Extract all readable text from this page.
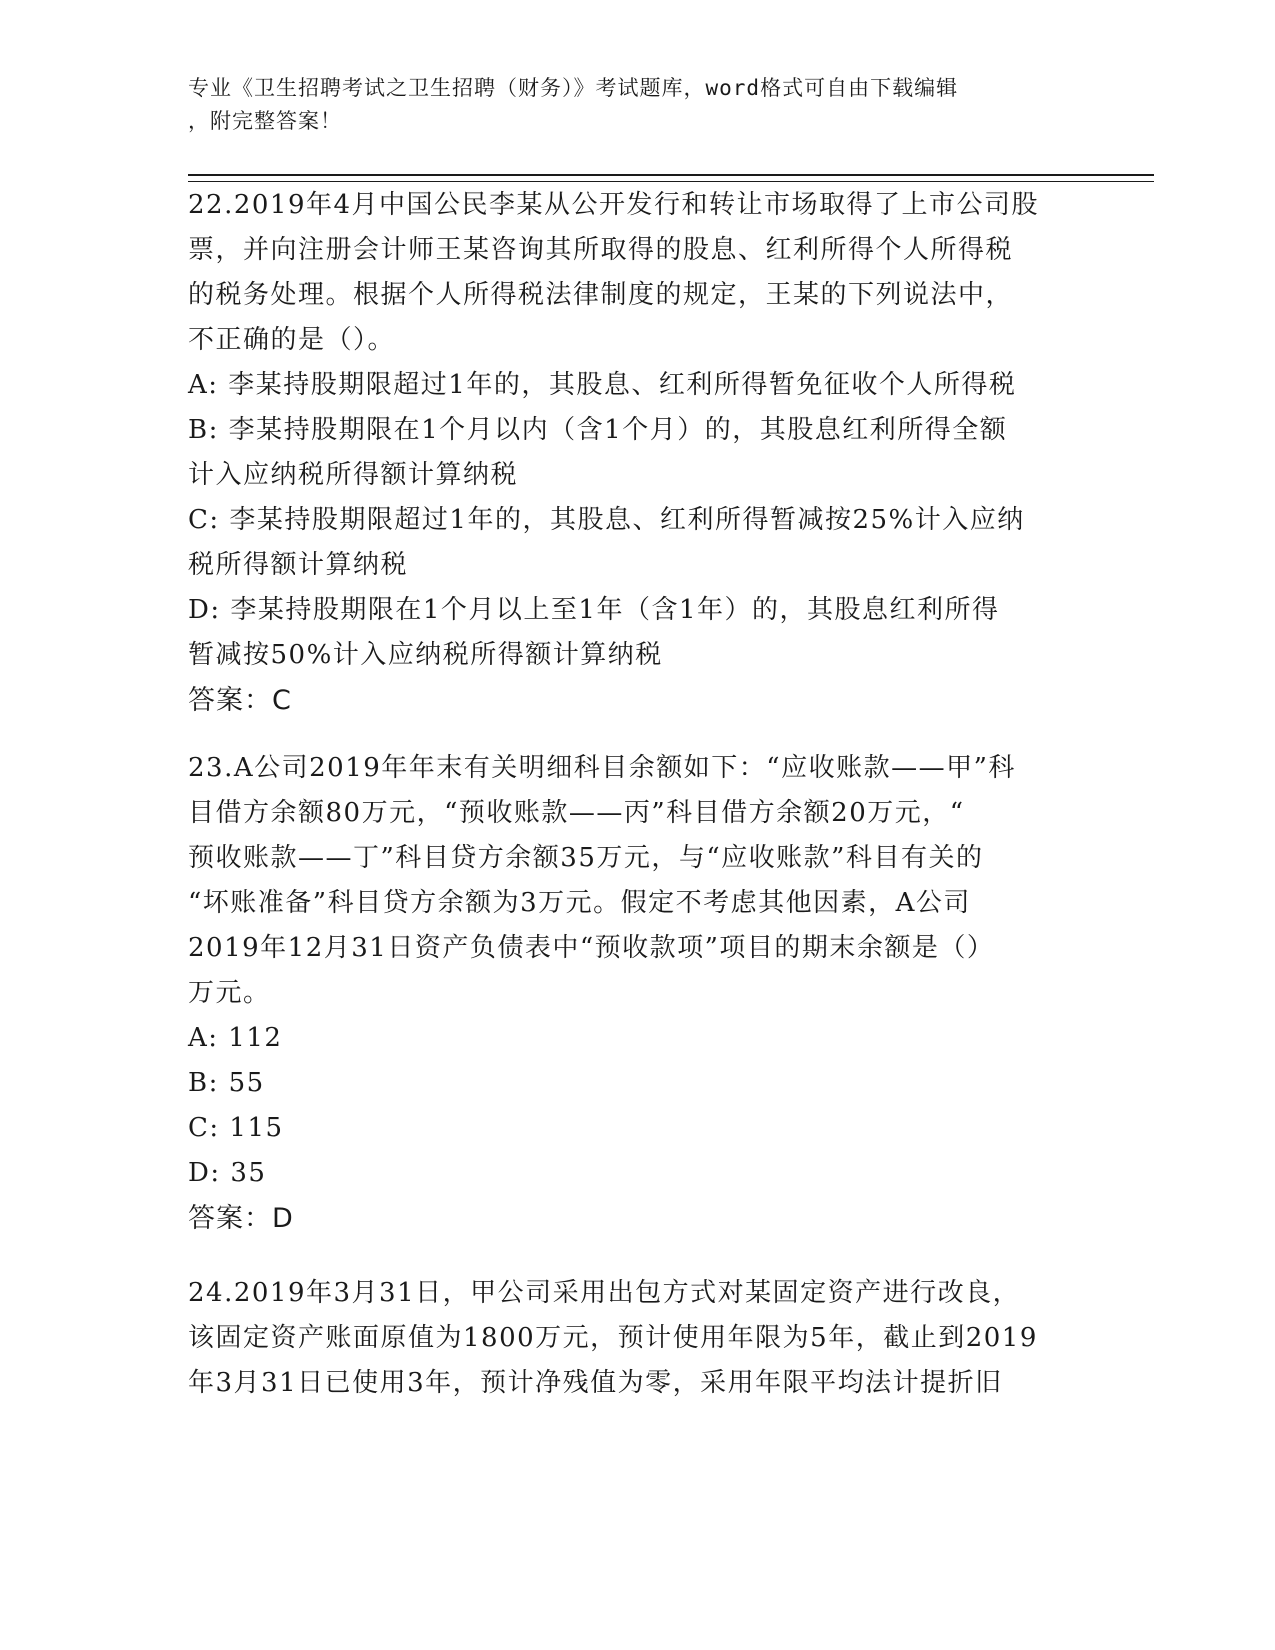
专业《卫生招聘考试之卫生招聘（财务）》考试题库，word格式可自由下载编辑
，附完整答案！
22.2019年4月中国公民李某从公开发行和转让市场取得了上市公司股
票，并向注册会计师王某咨询其所取得的股息、红利所得个人所得税
的税务处理。根据个人所得税法律制度的规定，王某的下列说法中，
不正确的是（）。
A: 李某持股期限超过1年的，其股息、红利所得暂免征收个人所得税
B: 李某持股期限在1个月以内（含1个月）的，其股息红利所得全额
计入应纳税所得额计算纳税
C: 李某持股期限超过1年的，其股息、红利所得暂减按25%计入应纳
税所得额计算纳税
D: 李某持股期限在1个月以上至1年（含1年）的，其股息红利所得
暂减按50%计入应纳税所得额计算纳税
答案：C
23.A公司2019年年末有关明细科目余额如下：“应收账款——甲”科
目借方余额80万元，“预收账款——丙”科目借方余额20万元，“
预收账款——丁”科目贷方余额35万元，与“应收账款”科目有关的
“坏账准备”科目贷方余额为3万元。假定不考虑其他因素，A公司
2019年12月31日资产负债表中“预收款项”项目的期末余额是（）
万元。
A: 112
B: 55
C: 115
D: 35
答案：D
24.2019年3月31日，甲公司采用出包方式对某固定资产进行改良，
该固定资产账面原值为1800万元，预计使用年限为5年，截止到2019
年3月31日已使用3年，预计净残值为零，采用年限平均法计提折旧
